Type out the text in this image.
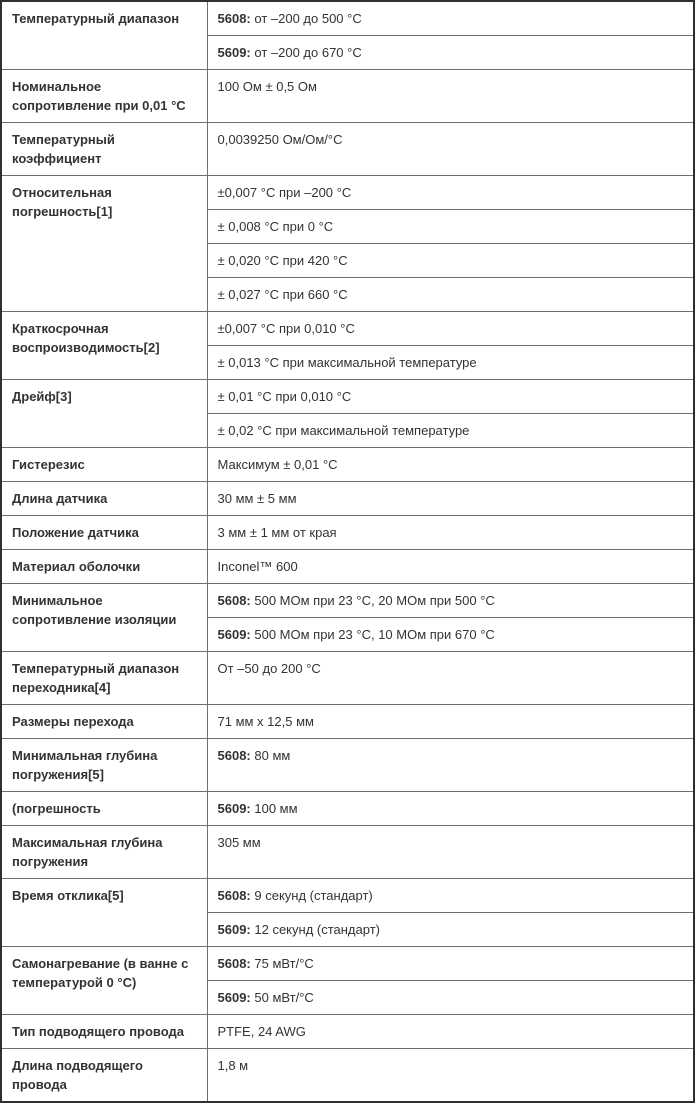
Температурный диапазон	5608: от –200 до 500 °C
	5609: от –200 до 670 °C
Номинальное сопротивление при 0,01 °C	100 Ом ± 0,5 Ом
Температурный коэффициент	0,0039250 Ом/Ом/°C
Относительная погрешность[1]	±0,007 °C при –200 °C
	± 0,008 °C при 0 °C
	± 0,020 °C при 420 °C
	± 0,027 °C при 660 °C
Краткосрочная воспроизводимость[2]	±0,007 °C при 0,010 °C
	± 0,013 °C при максимальной температуре
Дрейф[3]	± 0,01 °C при 0,010 °C
	± 0,02 °C при максимальной температуре
Гистерезис	Максимум ± 0,01 °C
Длина датчика	30 мм ± 5 мм
Положение датчика	3 мм ± 1 мм от края
Материал оболочки	Inconel™ 600
Минимальное сопротивление изоляции	5608: 500 МОм при 23 °C, 20 МОм при 500 °C
	5609: 500 МОм при 23 °C, 10 МОм при 670 °C
Температурный диапазон переходника[4]	От –50 до 200 °C
Размеры перехода	71 мм x 12,5 мм
Минимальная глубина погружения[5]	5608: 80 мм
(погрешность	5609: 100 мм
Максимальная глубина погружения	305 мм
Время отклика[5]	5608: 9 секунд (стандарт)
	5609: 12 секунд (стандарт)
Самонагревание (в ванне с температурой 0 °C)	5608: 75 мВт/°C
	5609: 50 мВт/°C
Тип подводящего провода	PTFE, 24 AWG
Длина подводящего провода	1,8 м
